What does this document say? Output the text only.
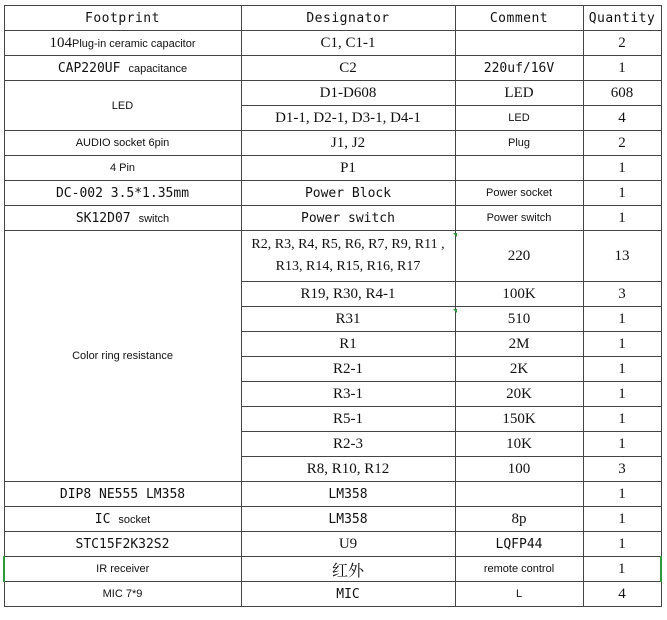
Footprint	Designator	Comment	Quantity
104Plug-in ceramic capacitor	C1, C1-1		2
CAP220UF capacitance	C2	220uf/16V	1
LED	D1-D608	LED	608
	D1-1, D2-1, D3-1, D4-1	LED	4
AUDIO socket 6pin	J1, J2	Plug	2
4 Pin	P1		1
DC-002 3.5*1.35mm	Power Block	Power socket	1
SK12D07 switch	Power switch	Power switch	1
Color ring resistance	R2, R3, R4, R5, R6, R7, R9, R11 , R13, R14, R15, R16, R17	220	13
	R19, R30, R4-1	100K	3
	R31	510	1
	R1	2M	1
	R2-1	2K	1
	R3-1	20K	1
	R5-1	150K	1
	R2-3	10K	1
	R8, R10, R12	100	3
DIP8 NE555 LM358	LM358		1
IC socket	LM358	8p	1
STC15F2K32S2	U9	LQFP44	1
IR receiver	红外	remote control	1
MIC 7*9	MIC	L	4
